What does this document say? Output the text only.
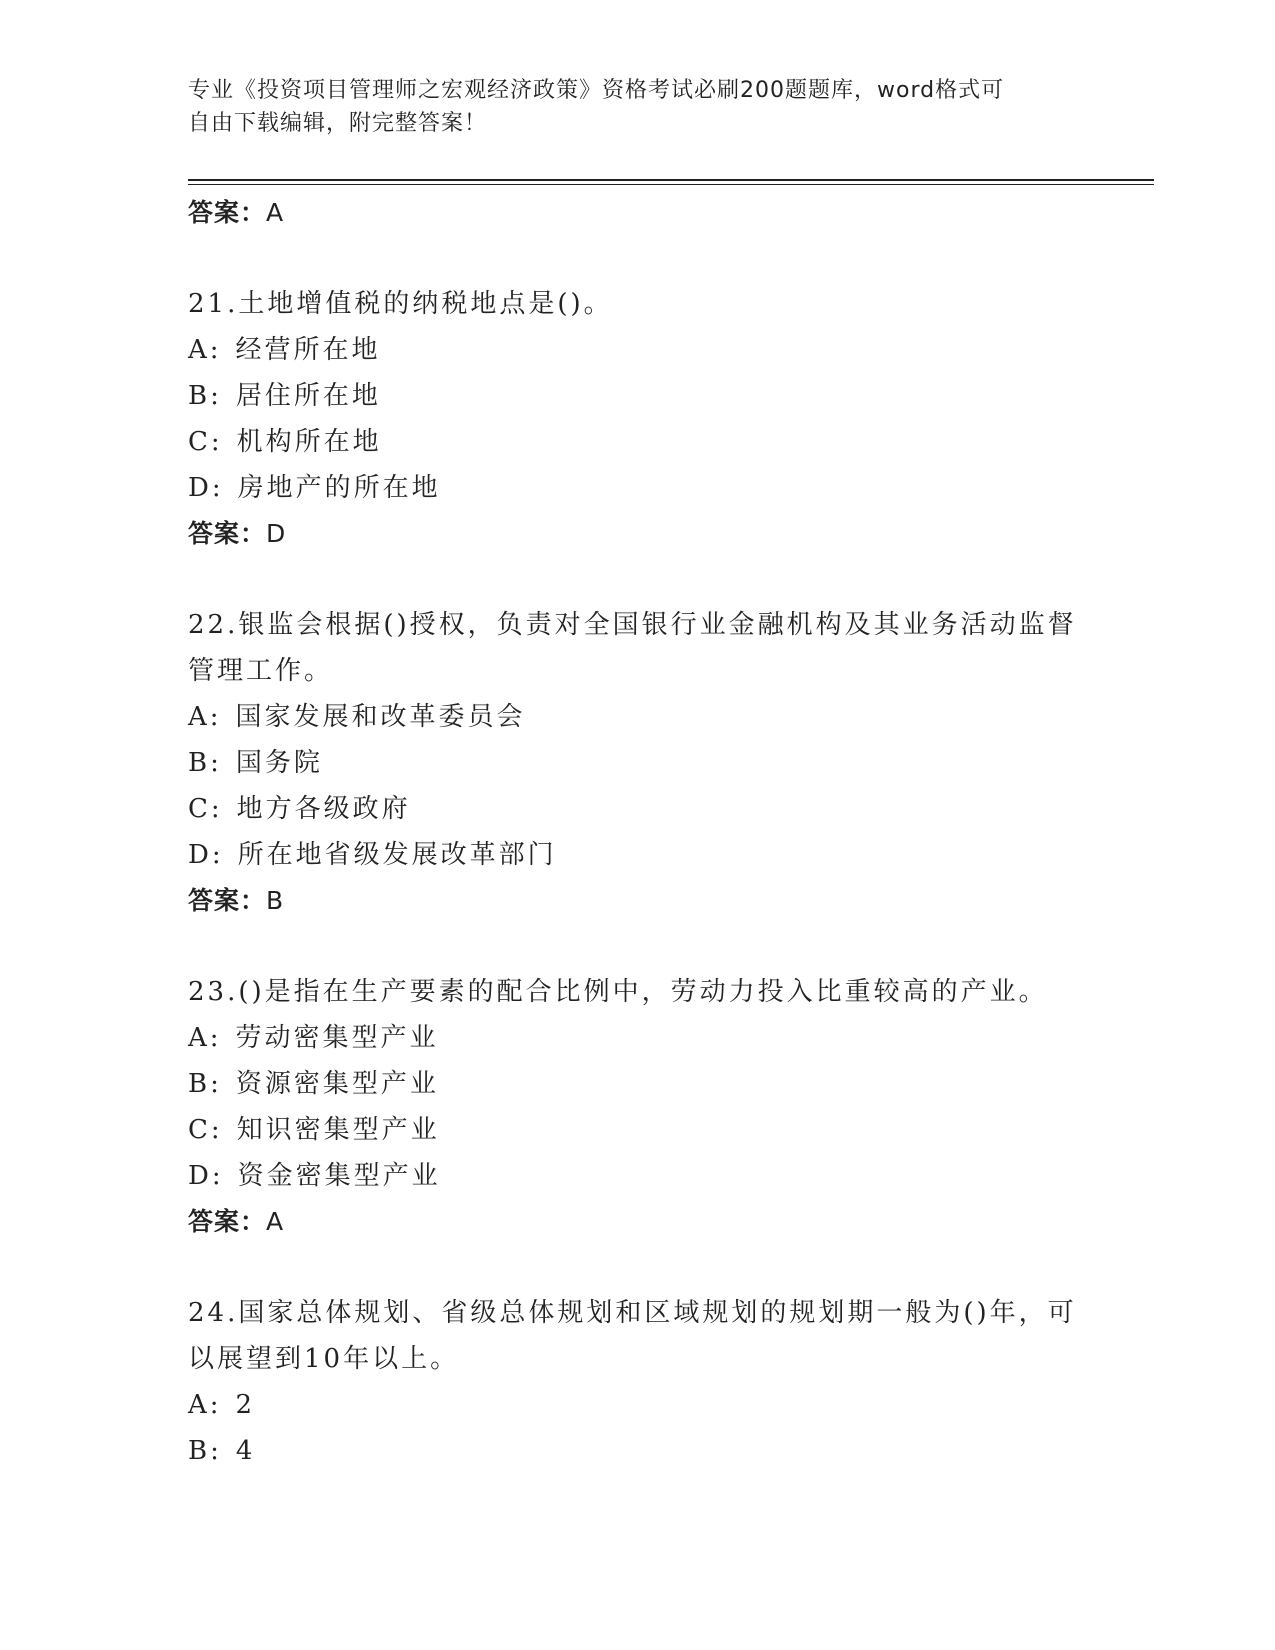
专业《投资项目管理师之宏观经济政策》资格考试必刷200题题库，word格式可
自由下载编辑，附完整答案！
答案：A

21.土地增值税的纳税地点是()。

A: 经营所在地
B: 居住所在地
C: 机构所在地
D: 房地产的所在地
答案：D

22.银监会根据()授权，负责对全国银行业金融机构及其业务活动监督管理工作。

A: 国家发展和改革委员会
B: 国务院
C: 地方各级政府
D: 所在地省级发展改革部门
答案：B

23.()是指在生产要素的配合比例中，劳动力投入比重较高的产业。

A: 劳动密集型产业
B: 资源密集型产业
C: 知识密集型产业
D: 资金密集型产业
答案：A

24.国家总体规划、省级总体规划和区域规划的规划期一般为()年，可以展望到10年以上。

A: 2
B: 4
